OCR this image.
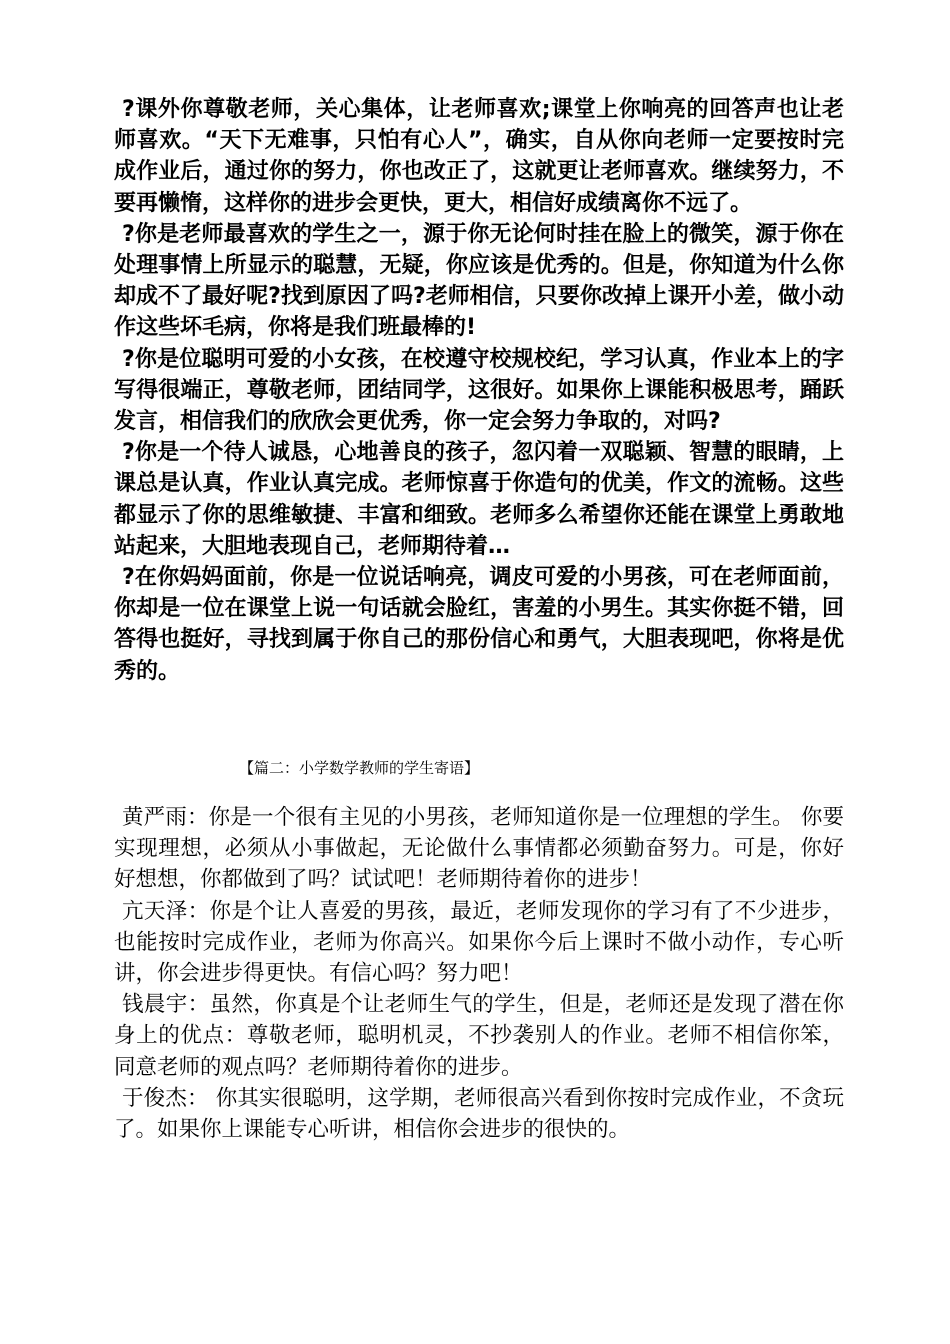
?课外你尊敬老师，关心集体，让老师喜欢;课堂上你响亮的回答声也让老师喜欢。“天下无难事，只怕有心人”，确实，自从你向老师一定要按时完成作业后，通过你的努力，你也改正了，这就更让老师喜欢。继续努力，不要再懒惰，这样你的进步会更快，更大，相信好成绩离你不远了。

?你是老师最喜欢的学生之一，源于你无论何时挂在脸上的微笑，源于你在处理事情上所显示的聪慧，无疑，你应该是优秀的。但是，你知道为什么你却成不了最好呢?找到原因了吗?老师相信，只要你改掉上课开小差，做小动作这些坏毛病，你将是我们班最棒的!

?你是位聪明可爱的小女孩，在校遵守校规校纪，学习认真，作业本上的字写得很端正，尊敬老师，团结同学，这很好。如果你上课能积极思考，踊跃发言，相信我们的欣欣会更优秀，你一定会努力争取的，对吗?

?你是一个待人诚恳，心地善良的孩子，忽闪着一双聪颖、智慧的眼睛，上课总是认真，作业认真完成。老师惊喜于你造句的优美，作文的流畅。这些都显示了你的思维敏捷、丰富和细致。老师多么希望你还能在课堂上勇敢地站起来，大胆地表现自己，老师期待着…

?在你妈妈面前，你是一位说话响亮，调皮可爱的小男孩，可在老师面前，你却是一位在课堂上说一句话就会脸红，害羞的小男生。其实你挺不错，回答得也挺好，寻找到属于你自己的那份信心和勇气，大胆表现吧，你将是优秀的。

【篇二：小学数学教师的学生寄语】

黄严雨：你是一个很有主见的小男孩，老师知道你是一位理想的学生。 你要实现理想，必须从小事做起，无论做什么事情都必须勤奋努力。可是，你好好想想，你都做到了吗？试试吧！老师期待着你的进步！

亢天泽：你是个让人喜爱的男孩，最近，老师发现你的学习有了不少进步，也能按时完成作业，老师为你高兴。如果你今后上课时不做小动作，专心听讲，你会进步得更快。有信心吗？努力吧！

钱晨宇：虽然，你真是个让老师生气的学生，但是，老师还是发现了潜在你身上的优点：尊敬老师，聪明机灵，不抄袭别人的作业。老师不相信你笨，同意老师的观点吗？老师期待着你的进步。

于俊杰： 你其实很聪明，这学期，老师很高兴看到你按时完成作业，不贪玩了。如果你上课能专心听讲，相信你会进步的很快的。
